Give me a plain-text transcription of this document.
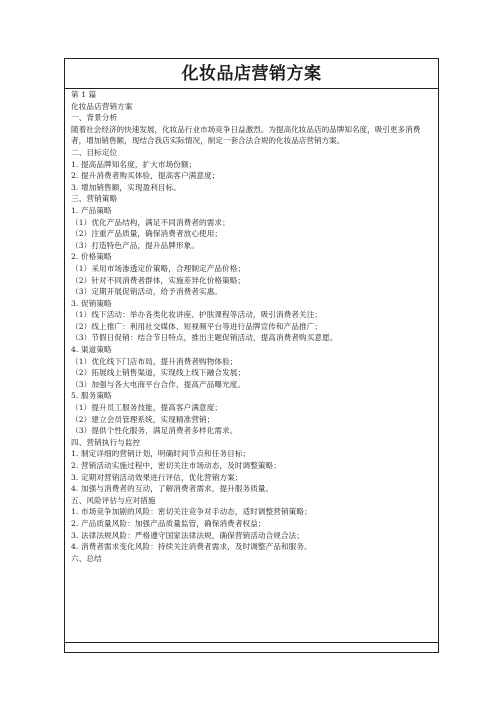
化妆品店营销方案
第 1 篇
化妆品店营销方案
一、背景分析
随着社会经济的快速发展，化妆品行业市场竞争日益激烈。为提高化妆品店的品牌知名度，吸引更多消费者，增加销售额，现结合我店实际情况，制定一套合法合规的化妆品店营销方案。
二、目标定位
1. 提高品牌知名度，扩大市场份额；
2. 提升消费者购买体验，提高客户满意度；
3. 增加销售额，实现盈利目标。
三、营销策略
1. 产品策略
（1）优化产品结构，满足不同消费者的需求；
（2）注重产品质量，确保消费者放心使用；
（3）打造特色产品，提升品牌形象。
2. 价格策略
（1）采用市场渗透定价策略，合理制定产品价格；
（2）针对不同消费者群体，实施差异化价格策略；
（3）定期开展促销活动，给予消费者实惠。
3. 促销策略
（1）线下活动：举办各类化妆讲座、护肤课程等活动，吸引消费者关注；
（2）线上推广：利用社交媒体、短视频平台等进行品牌宣传和产品推广；
（3）节假日促销：结合节日特点，推出主题促销活动，提高消费者购买意愿。
4. 渠道策略
（1）优化线下门店布局，提升消费者购物体验；
（2）拓展线上销售渠道，实现线上线下融合发展；
（3）加强与各大电商平台合作，提高产品曝光度。
5. 服务策略
（1）提升员工服务技能，提高客户满意度；
（2）建立会员管理系统，实现精准营销；
（3）提供个性化服务，满足消费者多样化需求。
四、营销执行与监控
1. 制定详细的营销计划，明确时间节点和任务目标；
2. 营销活动实施过程中，密切关注市场动态，及时调整策略；
3. 定期对营销活动效果进行评估，优化营销方案；
4. 加强与消费者的互动，了解消费者需求，提升服务质量。
五、风险评估与应对措施
1. 市场竞争加剧的风险：密切关注竞争对手动态，适时调整营销策略；
2. 产品质量风险：加强产品质量监管，确保消费者权益；
3. 法律法规风险：严格遵守国家法律法规，确保营销活动合规合法；
4. 消费者需求变化风险：持续关注消费者需求，及时调整产品和服务。
六、总结
